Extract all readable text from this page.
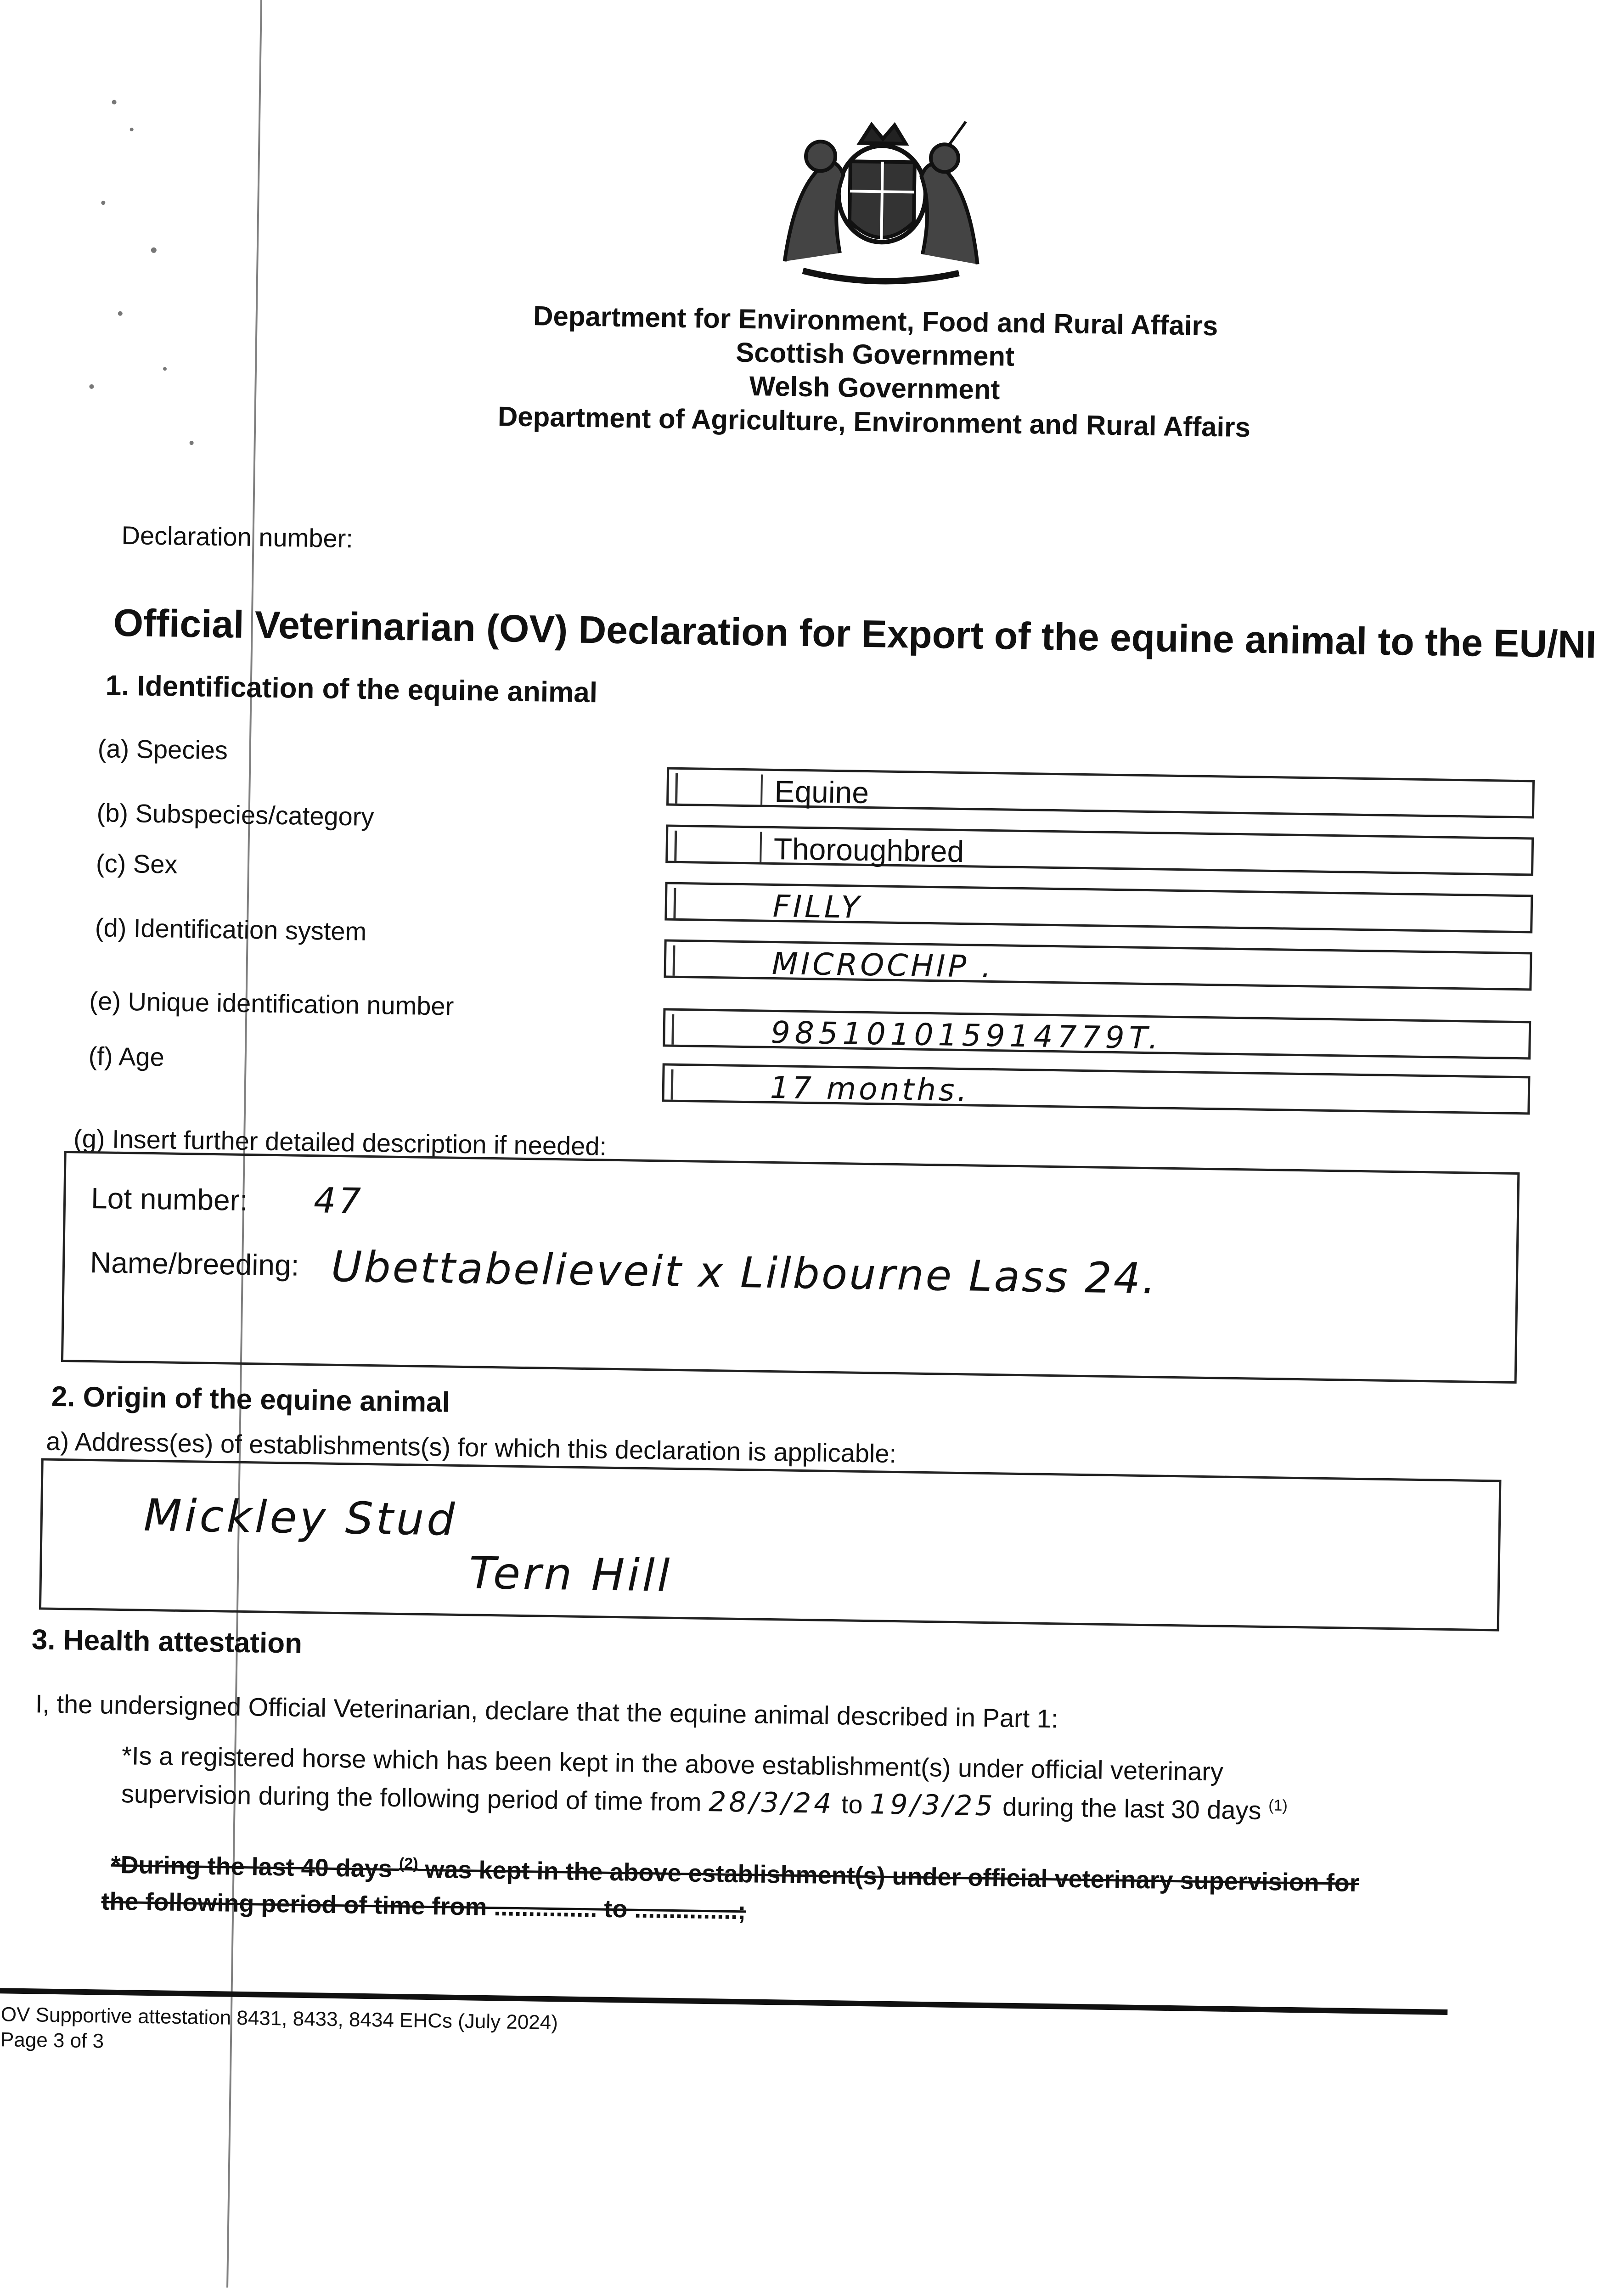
Department for Environment, Food and Rural Affairs
Scottish Government
Welsh Government
Department of Agriculture, Environment and Rural Affairs
Declaration number:
Official Veterinarian (OV) Declaration for Export of the equine animal to the EU/NI
1. Identification of the equine animal
(a) Species
(b) Subspecies/category
(c) Sex
(d) Identification system
(e) Unique identification number
(f) Age
Equine
Thoroughbred
FILLY
MICROCHIP .
985101015914779T.
17 months.
(g) Insert further detailed description if needed:
Lot number: 47
Name/breeding: Ubettabelieveit x Lilbourne Lass 24.
2. Origin of the equine animal
a) Address(es) of establishments(s) for which this declaration is applicable:
Mickley Stud
Tern Hill
3. Health attestation
I, the undersigned Official Veterinarian, declare that the equine animal described in Part 1:
*Is a registered horse which has been kept in the above establishment(s) under official veterinary
supervision during the following period of time from 28/3/24 to 19/3/25 during the last 30 days $^{(1)}$
*During the last 40 days $^{(2)}$ was kept in the above establishment(s) under official veterinary supervision for
the following period of time from ............... to ...............;
OV Supportive attestation 8431, 8433, 8434 EHCs (July 2024)
Page 3 of 3
